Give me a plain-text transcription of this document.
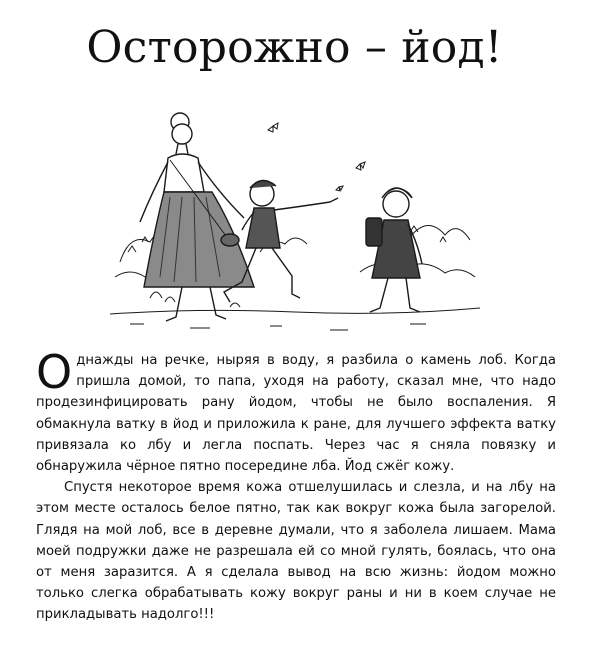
Осторожно – йод!

О днажды на речке, ныряя в воду, я разбила о камень лоб. Когда пришла домой, то папа, уходя на работу, сказал мне, что надо продезинфицировать рану йодом, чтобы не было воспаления. Я обмакнула ватку в йод и приложила к ране, для лучшего эффекта ватку привязала ко лбу и легла поспать. Через час я сняла повязку и обнаружила чёрное пятно посередине лба. Йод сжёг кожу.

Спустя некоторое время кожа отшелушилась и слезла, и на лбу на этом месте осталось белое пятно, так как вокруг кожа была загорелой. Глядя на мой лоб, все в деревне думали, что я заболела лишаем. Мама моей подружки даже не разрешала ей со мной гулять, боялась, что она от меня заразится. А я сделала вывод на всю жизнь: йодом можно только слегка обрабатывать кожу вокруг раны и ни в коем случае не прикладывать надолго!!!
